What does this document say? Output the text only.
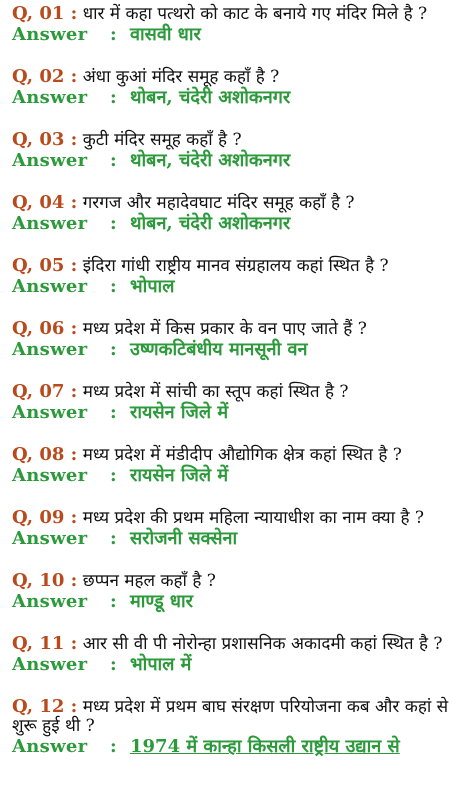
Q, 01 : धार में कहा पत्थरो को काट के बनाये गए मंदिर मिले है ?
Answer : वासवी धार
Q, 02 : अंधा कुआं मंदिर समूह कहाँ है ?
Answer : थोबन, चंदेरी अशोकनगर
Q, 03 : कुटी मंदिर समूह कहाँ है ?
Answer : थोबन, चंदेरी अशोकनगर
Q, 04 : गरगज और महादेवघाट मंदिर समूह कहाँ है ?
Answer : थोबन, चंदेरी अशोकनगर
Q, 05 : इंदिरा गांधी राष्ट्रीय मानव संग्रहालय कहां स्थित है ?
Answer : भोपाल
Q, 06 : मध्य प्रदेश में किस प्रकार के वन पाए जाते हैं ?
Answer : उष्णकटिबंधीय मानसूनी वन
Q, 07 : मध्य प्रदेश में सांची का स्तूप कहां स्थित है ?
Answer : रायसेन जिले में
Q, 08 : मध्य प्रदेश में मंडीदीप औद्योगिक क्षेत्र कहां स्थित है ?
Answer : रायसेन जिले में
Q, 09 : मध्य प्रदेश की प्रथम महिला न्यायाधीश का नाम क्या है ?
Answer : सरोजनी सक्सेना
Q, 10 : छप्पन महल कहाँ है ?
Answer : माण्डू धार
Q, 11 : आर सी वी पी नोरोन्हा प्रशासनिक अकादमी कहां स्थित है ?
Answer : भोपाल में
Q, 12 : मध्य प्रदेश में प्रथम बाघ संरक्षण परियोजना कब और कहां से शुरू हुई थी ?
Answer : 1974 में कान्हा किसली राष्ट्रीय उद्यान से
